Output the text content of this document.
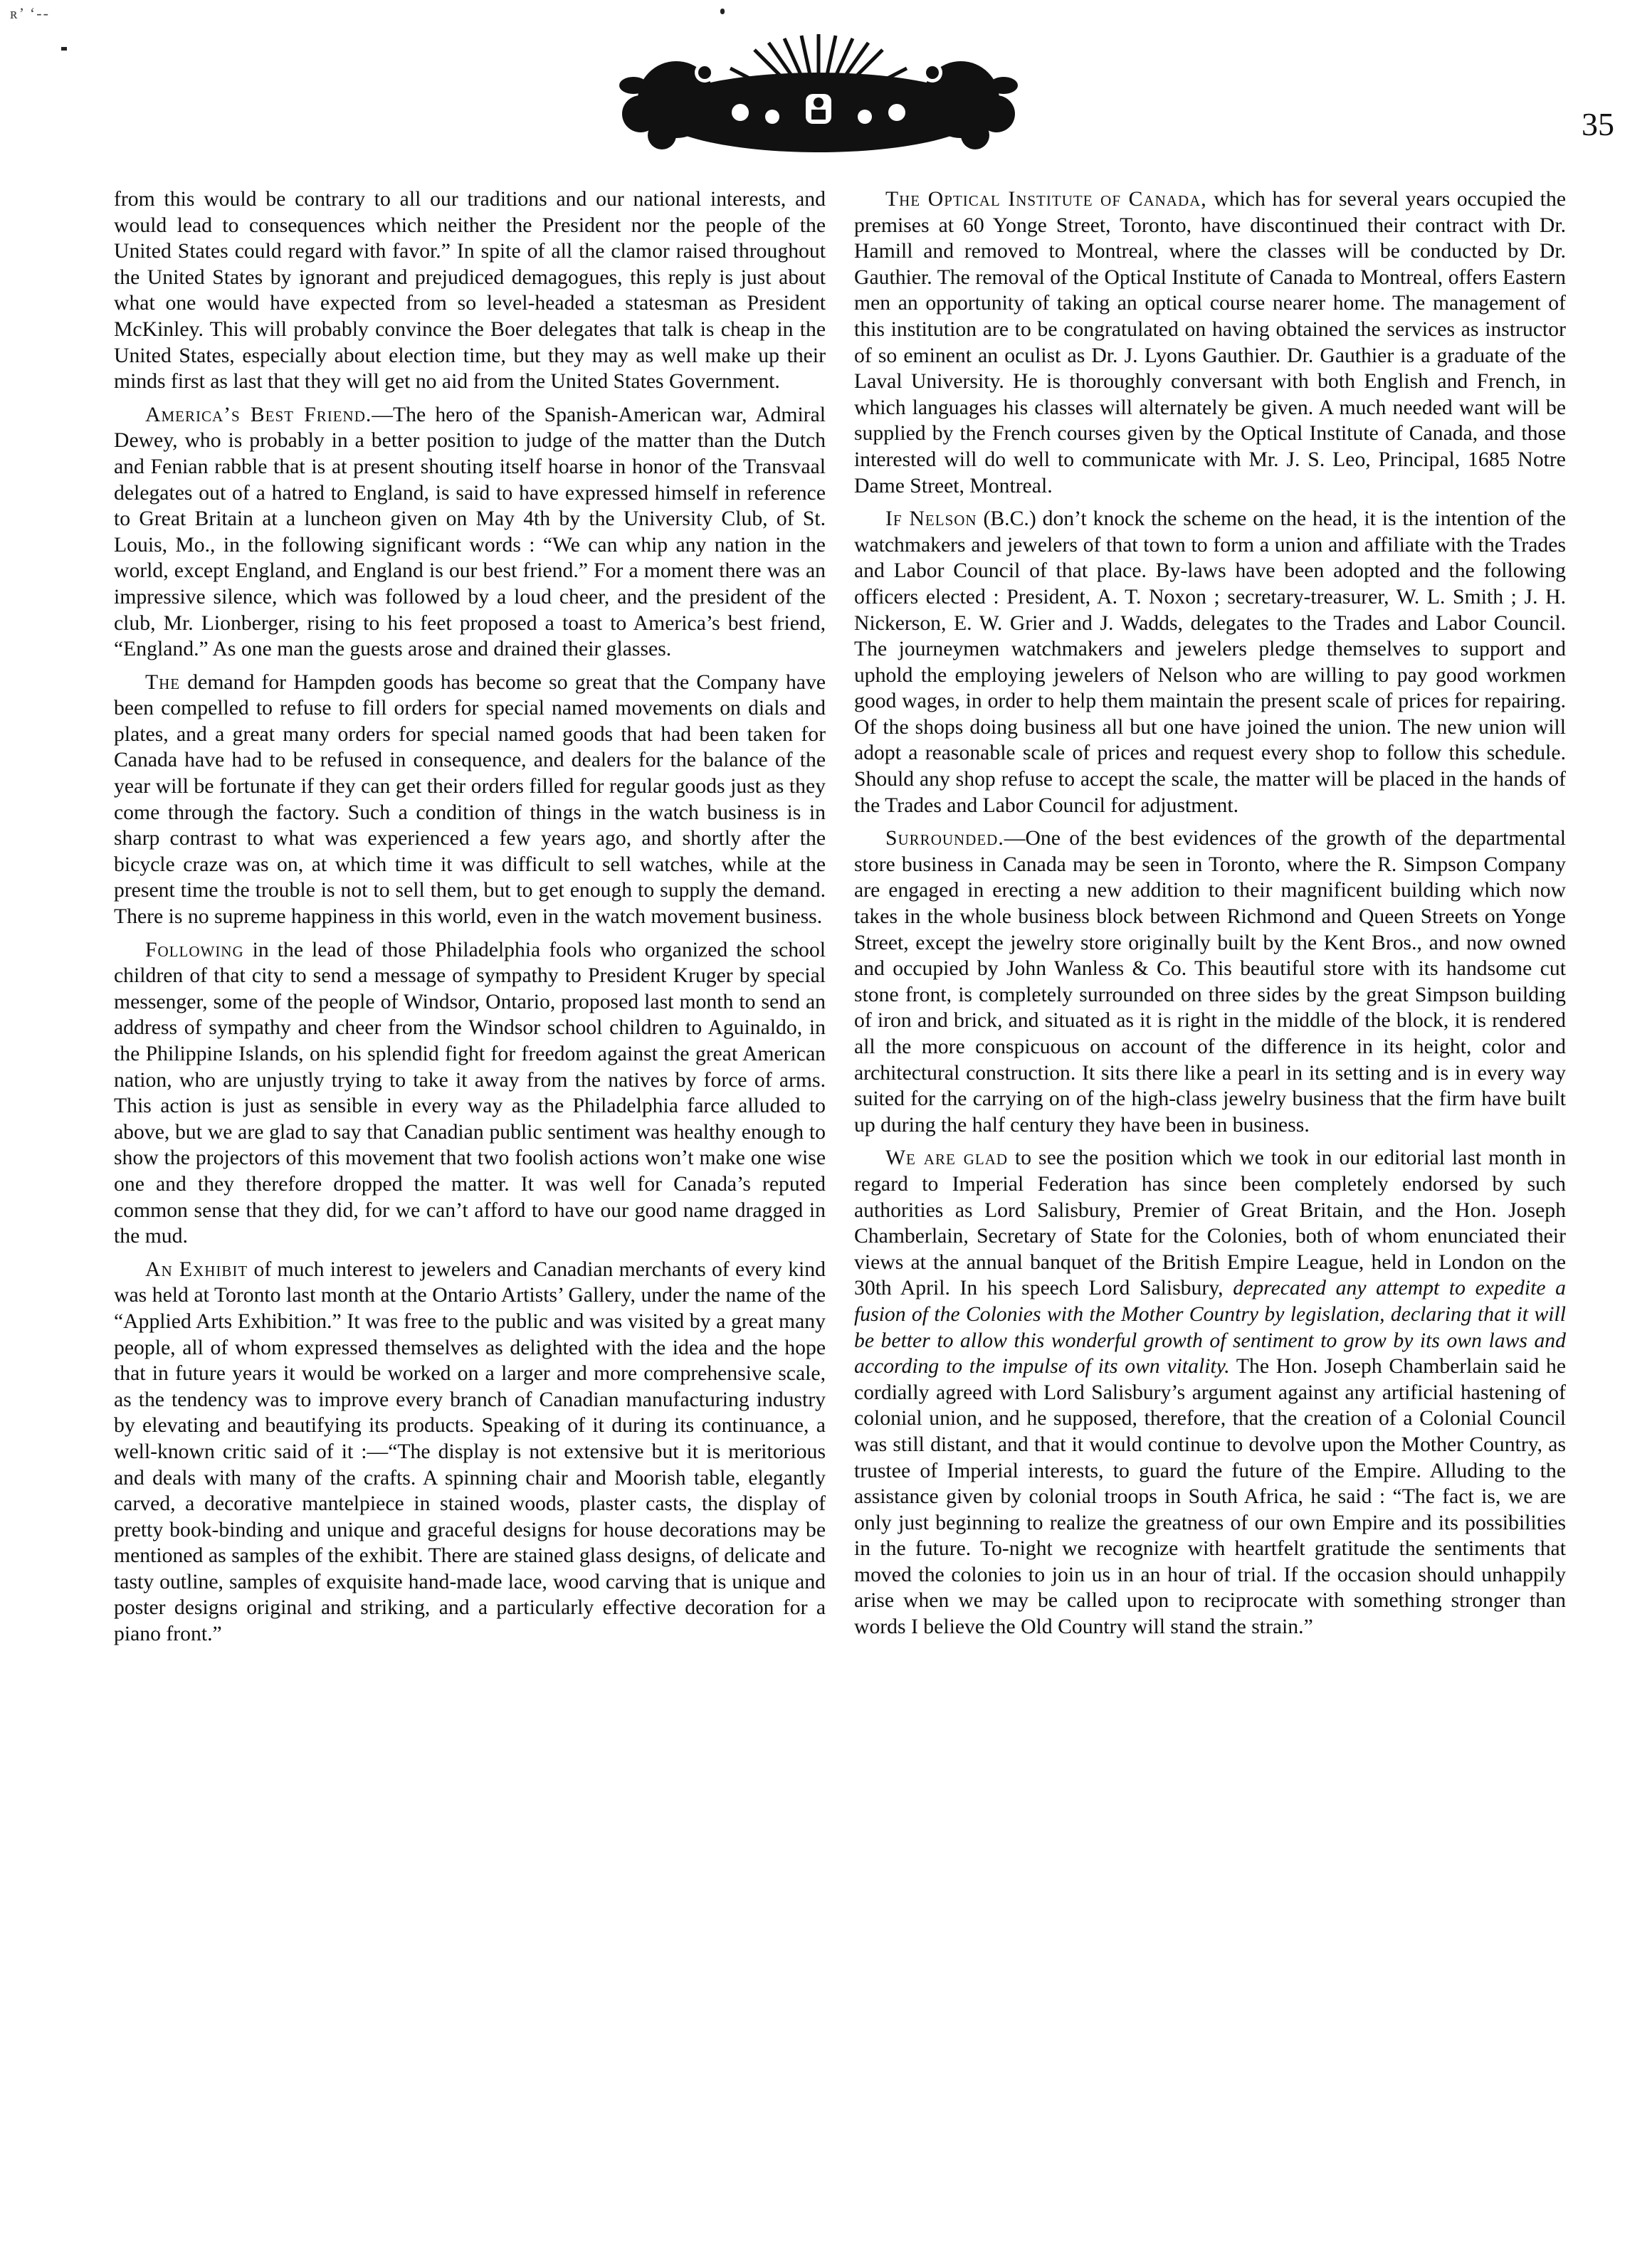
ʀ’ ‘--
35

from this would be contrary to all our traditions and our national interests, and would lead to consequences which neither the President nor the people of the United States could regard with favor.” In spite of all the clamor raised throughout the United States by ignorant and prejudiced demagogues, this reply is just about what one would have expected from so level-headed a statesman as President McKinley. This will probably convince the Boer delegates that talk is cheap in the United States, especially about election time, but they may as well make up their minds first as last that they will get no aid from the United States Government.

America’s Best Friend.—The hero of the Spanish-American war, Admiral Dewey, who is probably in a better position to judge of the matter than the Dutch and Fenian rabble that is at present shouting itself hoarse in honor of the Transvaal delegates out of a hatred to England, is said to have expressed himself in reference to Great Britain at a luncheon given on May 4th by the University Club, of St. Louis, Mo., in the following significant words : “We can whip any nation in the world, except England, and England is our best friend.” For a moment there was an impressive silence, which was followed by a loud cheer, and the president of the club, Mr. Lionberger, rising to his feet proposed a toast to America’s best friend, “England.” As one man the guests arose and drained their glasses.

The demand for Hampden goods has become so great that the Company have been compelled to refuse to fill orders for special named movements on dials and plates, and a great many orders for special named goods that had been taken for Canada have had to be refused in consequence, and dealers for the balance of the year will be fortunate if they can get their orders filled for regular goods just as they come through the factory. Such a condition of things in the watch business is in sharp contrast to what was experienced a few years ago, and shortly after the bicycle craze was on, at which time it was difficult to sell watches, while at the present time the trouble is not to sell them, but to get enough to supply the demand. There is no supreme happiness in this world, even in the watch movement business.

Following in the lead of those Philadelphia fools who organized the school children of that city to send a message of sympathy to President Kruger by special messenger, some of the people of Windsor, Ontario, proposed last month to send an address of sympathy and cheer from the Windsor school children to Aguinaldo, in the Philippine Islands, on his splendid fight for freedom against the great American nation, who are unjustly trying to take it away from the natives by force of arms. This action is just as sensible in every way as the Philadelphia farce alluded to above, but we are glad to say that Canadian public sentiment was healthy enough to show the projectors of this movement that two foolish actions won’t make one wise one and they therefore dropped the matter. It was well for Canada’s reputed common sense that they did, for we can’t afford to have our good name dragged in the mud.

An Exhibit of much interest to jewelers and Canadian merchants of every kind was held at Toronto last month at the Ontario Artists’ Gallery, under the name of the “Applied Arts Exhibition.” It was free to the public and was visited by a great many people, all of whom expressed themselves as delighted with the idea and the hope that in future years it would be worked on a larger and more comprehensive scale, as the tendency was to improve every branch of Canadian manufacturing industry by elevating and beautifying its products. Speaking of it during its continuance, a well-known critic said of it :—“The display is not extensive but it is meritorious and deals with many of the crafts. A spinning chair and Moorish table, elegantly carved, a decorative mantelpiece in stained woods, plaster casts, the display of pretty book-binding and unique and graceful designs for house decorations may be mentioned as samples of the exhibit. There are stained glass designs, of delicate and tasty outline, samples of exquisite hand-made lace, wood carving that is unique and poster designs original and striking, and a particularly effective decoration for a piano front.”

The Optical Institute of Canada, which has for several years occupied the premises at 60 Yonge Street, Toronto, have discontinued their contract with Dr. Hamill and removed to Montreal, where the classes will be conducted by Dr. Gauthier. The removal of the Optical Institute of Canada to Montreal, offers Eastern men an opportunity of taking an optical course nearer home. The management of this institution are to be congratulated on having obtained the services as instructor of so eminent an oculist as Dr. J. Lyons Gauthier. Dr. Gauthier is a graduate of the Laval University. He is thoroughly conversant with both English and French, in which languages his classes will alternately be given. A much needed want will be supplied by the French courses given by the Optical Institute of Canada, and those interested will do well to communicate with Mr. J. S. Leo, Principal, 1685 Notre Dame Street, Montreal.

If Nelson (B.C.) don’t knock the scheme on the head, it is the intention of the watchmakers and jewelers of that town to form a union and affiliate with the Trades and Labor Council of that place. By-laws have been adopted and the following officers elected : President, A. T. Noxon ; secretary-treasurer, W. L. Smith ; J. H. Nickerson, E. W. Grier and J. Wadds, delegates to the Trades and Labor Council. The journeymen watchmakers and jewelers pledge themselves to support and uphold the employing jewelers of Nelson who are willing to pay good workmen good wages, in order to help them maintain the present scale of prices for repairing. Of the shops doing business all but one have joined the union. The new union will adopt a reasonable scale of prices and request every shop to follow this schedule. Should any shop refuse to accept the scale, the matter will be placed in the hands of the Trades and Labor Council for adjustment.

Surrounded.—One of the best evidences of the growth of the departmental store business in Canada may be seen in Toronto, where the R. Simpson Company are engaged in erecting a new addition to their magnificent building which now takes in the whole business block between Richmond and Queen Streets on Yonge Street, except the jewelry store originally built by the Kent Bros., and now owned and occupied by John Wanless & Co. This beautiful store with its handsome cut stone front, is completely surrounded on three sides by the great Simpson building of iron and brick, and situated as it is right in the middle of the block, it is rendered all the more conspicuous on account of the difference in its height, color and architectural construction. It sits there like a pearl in its setting and is in every way suited for the carrying on of the high-class jewelry business that the firm have built up during the half century they have been in business.

We are glad to see the position which we took in our editorial last month in regard to Imperial Federation has since been completely endorsed by such authorities as Lord Salisbury, Premier of Great Britain, and the Hon. Joseph Chamberlain, Secretary of State for the Colonies, both of whom enunciated their views at the annual banquet of the British Empire League, held in London on the 30th April. In his speech Lord Salisbury, deprecated any attempt to expedite a fusion of the Colonies with the Mother Country by legislation, declaring that it will be better to allow this wonderful growth of sentiment to grow by its own laws and according to the impulse of its own vitality. The Hon. Joseph Chamberlain said he cordially agreed with Lord Salisbury’s argument against any artificial hastening of colonial union, and he supposed, therefore, that the creation of a Colonial Council was still distant, and that it would continue to devolve upon the Mother Country, as trustee of Imperial interests, to guard the future of the Empire. Alluding to the assistance given by colonial troops in South Africa, he said : “The fact is, we are only just beginning to realize the greatness of our own Empire and its possibilities in the future. To-night we recognize with heartfelt gratitude the sentiments that moved the colonies to join us in an hour of trial. If the occasion should unhappily arise when we may be called upon to reciprocate with something stronger than words I believe the Old Country will stand the strain.”
